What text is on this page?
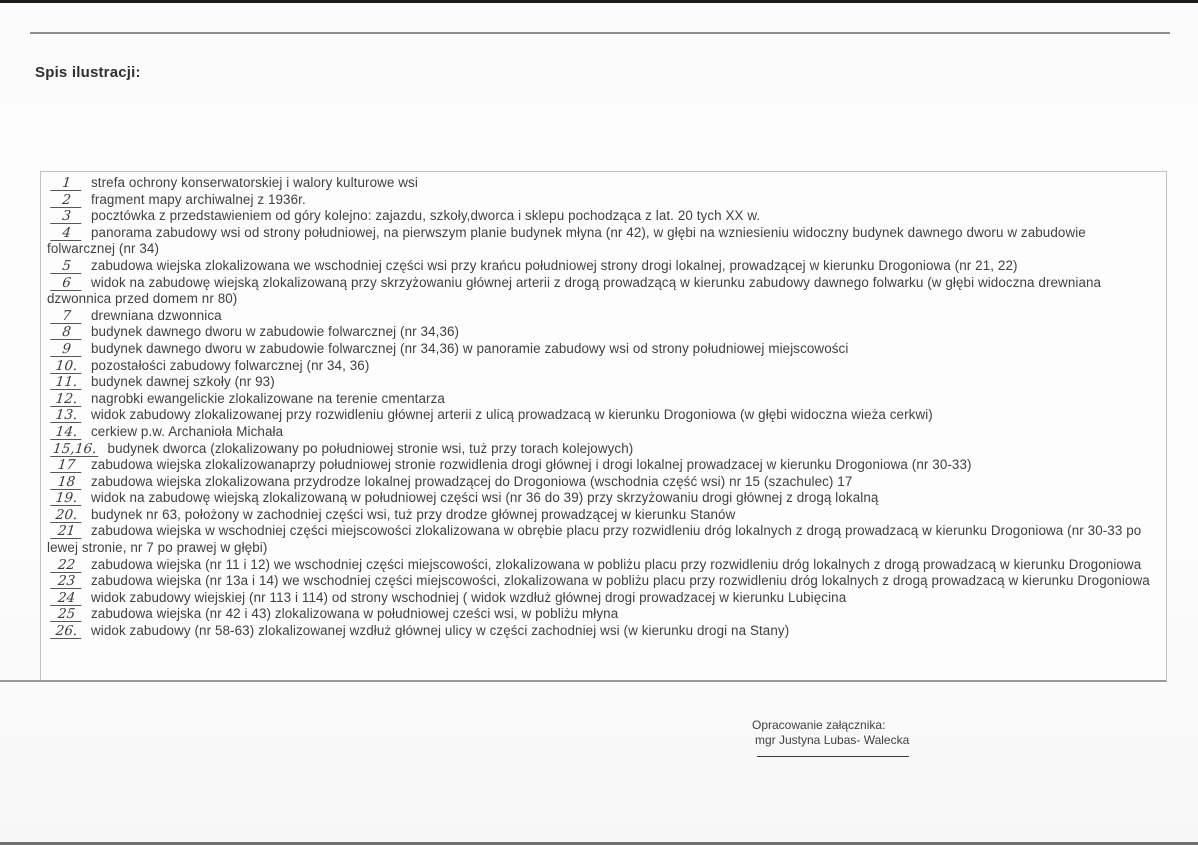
Spis ilustracji:
1 strefa ochrony konserwatorskiej i walory kulturowe wsi
2 fragment mapy archiwalnej z 1936r.
3 pocztówka z przedstawieniem od góry kolejno: zajazdu, szkoły,dworca i sklepu pochodząca z lat. 20 tych XX w.
4 panorama zabudowy wsi od strony południowej, na pierwszym planie budynek młyna (nr 42), w głębi na wzniesieniu widoczny budynek dawnego dworu w zabudowie folwarcznej (nr 34)
5 zabudowa wiejska zlokalizowana we wschodniej części wsi przy krańcu południowej strony drogi lokalnej, prowadzącej w kierunku Drogoniowa (nr 21, 22)
6 widok na zabudowę wiejską zlokalizowaną przy skrzyżowaniu głównej arterii z drogą prowadzącą w kierunku zabudowy dawnego folwarku (w głębi widoczna drewniana dzwonnica przed domem nr 80)
7 drewniana dzwonnica
8 budynek dawnego dworu w zabudowie folwarcznej (nr 34,36)
9 budynek dawnego dworu w zabudowie folwarcznej (nr 34,36) w panoramie zabudowy wsi od strony południowej miejscowości
10. pozostałości zabudowy folwarcznej (nr 34, 36)
11. budynek dawnej szkoły (nr 93)
12. nagrobki ewangelickie zlokalizowane na terenie cmentarza
13. widok zabudowy zlokalizowanej przy rozwidleniu głównej arterii z ulicą prowadzacą w kierunku Drogoniowa (w głębi widoczna wieża cerkwi)
14. cerkiew p.w. Archanioła Michała
15,16. budynek dworca (zlokalizowany po południowej stronie wsi, tuż przy torach kolejowych)
17 zabudowa wiejska zlokalizowanaprzy południowej stronie rozwidlenia drogi głównej i drogi lokalnej prowadzacej w kierunku Drogoniowa (nr 30-33)
18 zabudowa wiejska zlokalizowana przydrodze lokalnej prowadzącej do Drogoniowa (wschodnia część wsi) nr 15 (szachulec) 17
19. widok na zabudowę wiejską zlokalizowaną w południowej części wsi (nr 36 do 39) przy skrzyżowaniu drogi głównej z drogą lokalną
20. budynek nr 63, położony w zachodniej części wsi, tuż przy drodze głównej prowadzącej w kierunku Stanów
21 zabudowa wiejska w wschodniej części miejscowości zlokalizowana w obrębie placu przy rozwidleniu dróg lokalnych z drogą prowadzacą w kierunku Drogoniowa (nr 30-33 po lewej stronie, nr 7 po prawej w głębi)
22 zabudowa wiejska (nr 11 i 12) we wschodniej części miejscowości, zlokalizowana w pobliżu placu przy rozwidleniu dróg lokalnych z drogą prowadzacą w kierunku Drogoniowa
23 zabudowa wiejska (nr 13a i 14) we wschodniej części miejscowości, zlokalizowana w pobliżu placu przy rozwidleniu dróg lokalnych z drogą prowadzacą w kierunku Drogoniowa
24 widok zabudowy wiejskiej (nr 113 i 114) od strony wschodniej ( widok wzdłuż głównej drogi prowadzacej w kierunku Lubięcina
25 zabudowa wiejska (nr 42 i 43) zlokalizowana w południowej cześci wsi, w pobliżu młyna
26. widok zabudowy (nr 58-63) zlokalizowanej wzdłuż głównej ulicy w części zachodniej wsi (w kierunku drogi na Stany)
Opracowanie załącznika:
mgr Justyna Lubas- Walecka
